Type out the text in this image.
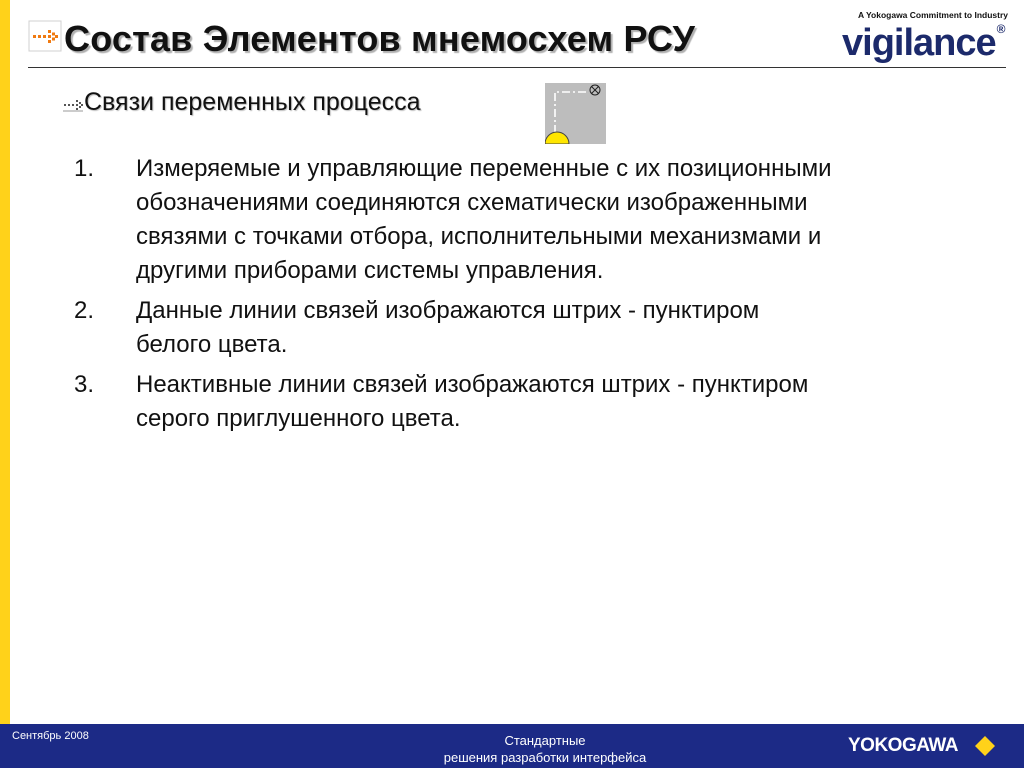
Состав Элементов мнемосхем РСУ
A Yokogawa Commitment to Industry
vigilance®
Связи переменных процесса
1. Измеряемые и управляющие переменные с их позиционными обозначениями соединяются схематически изображенными связями с точками отбора, исполнительными механизмами и другими приборами системы управления.
2. Данные линии связей изображаются штрих - пунктиром белого цвета.
3. Неактивные линии связей изображаются штрих - пунктиром серого приглушенного цвета.
Сентябрь 2008	Стандартные
решения разработки интерфейса
YOKOGAWA
